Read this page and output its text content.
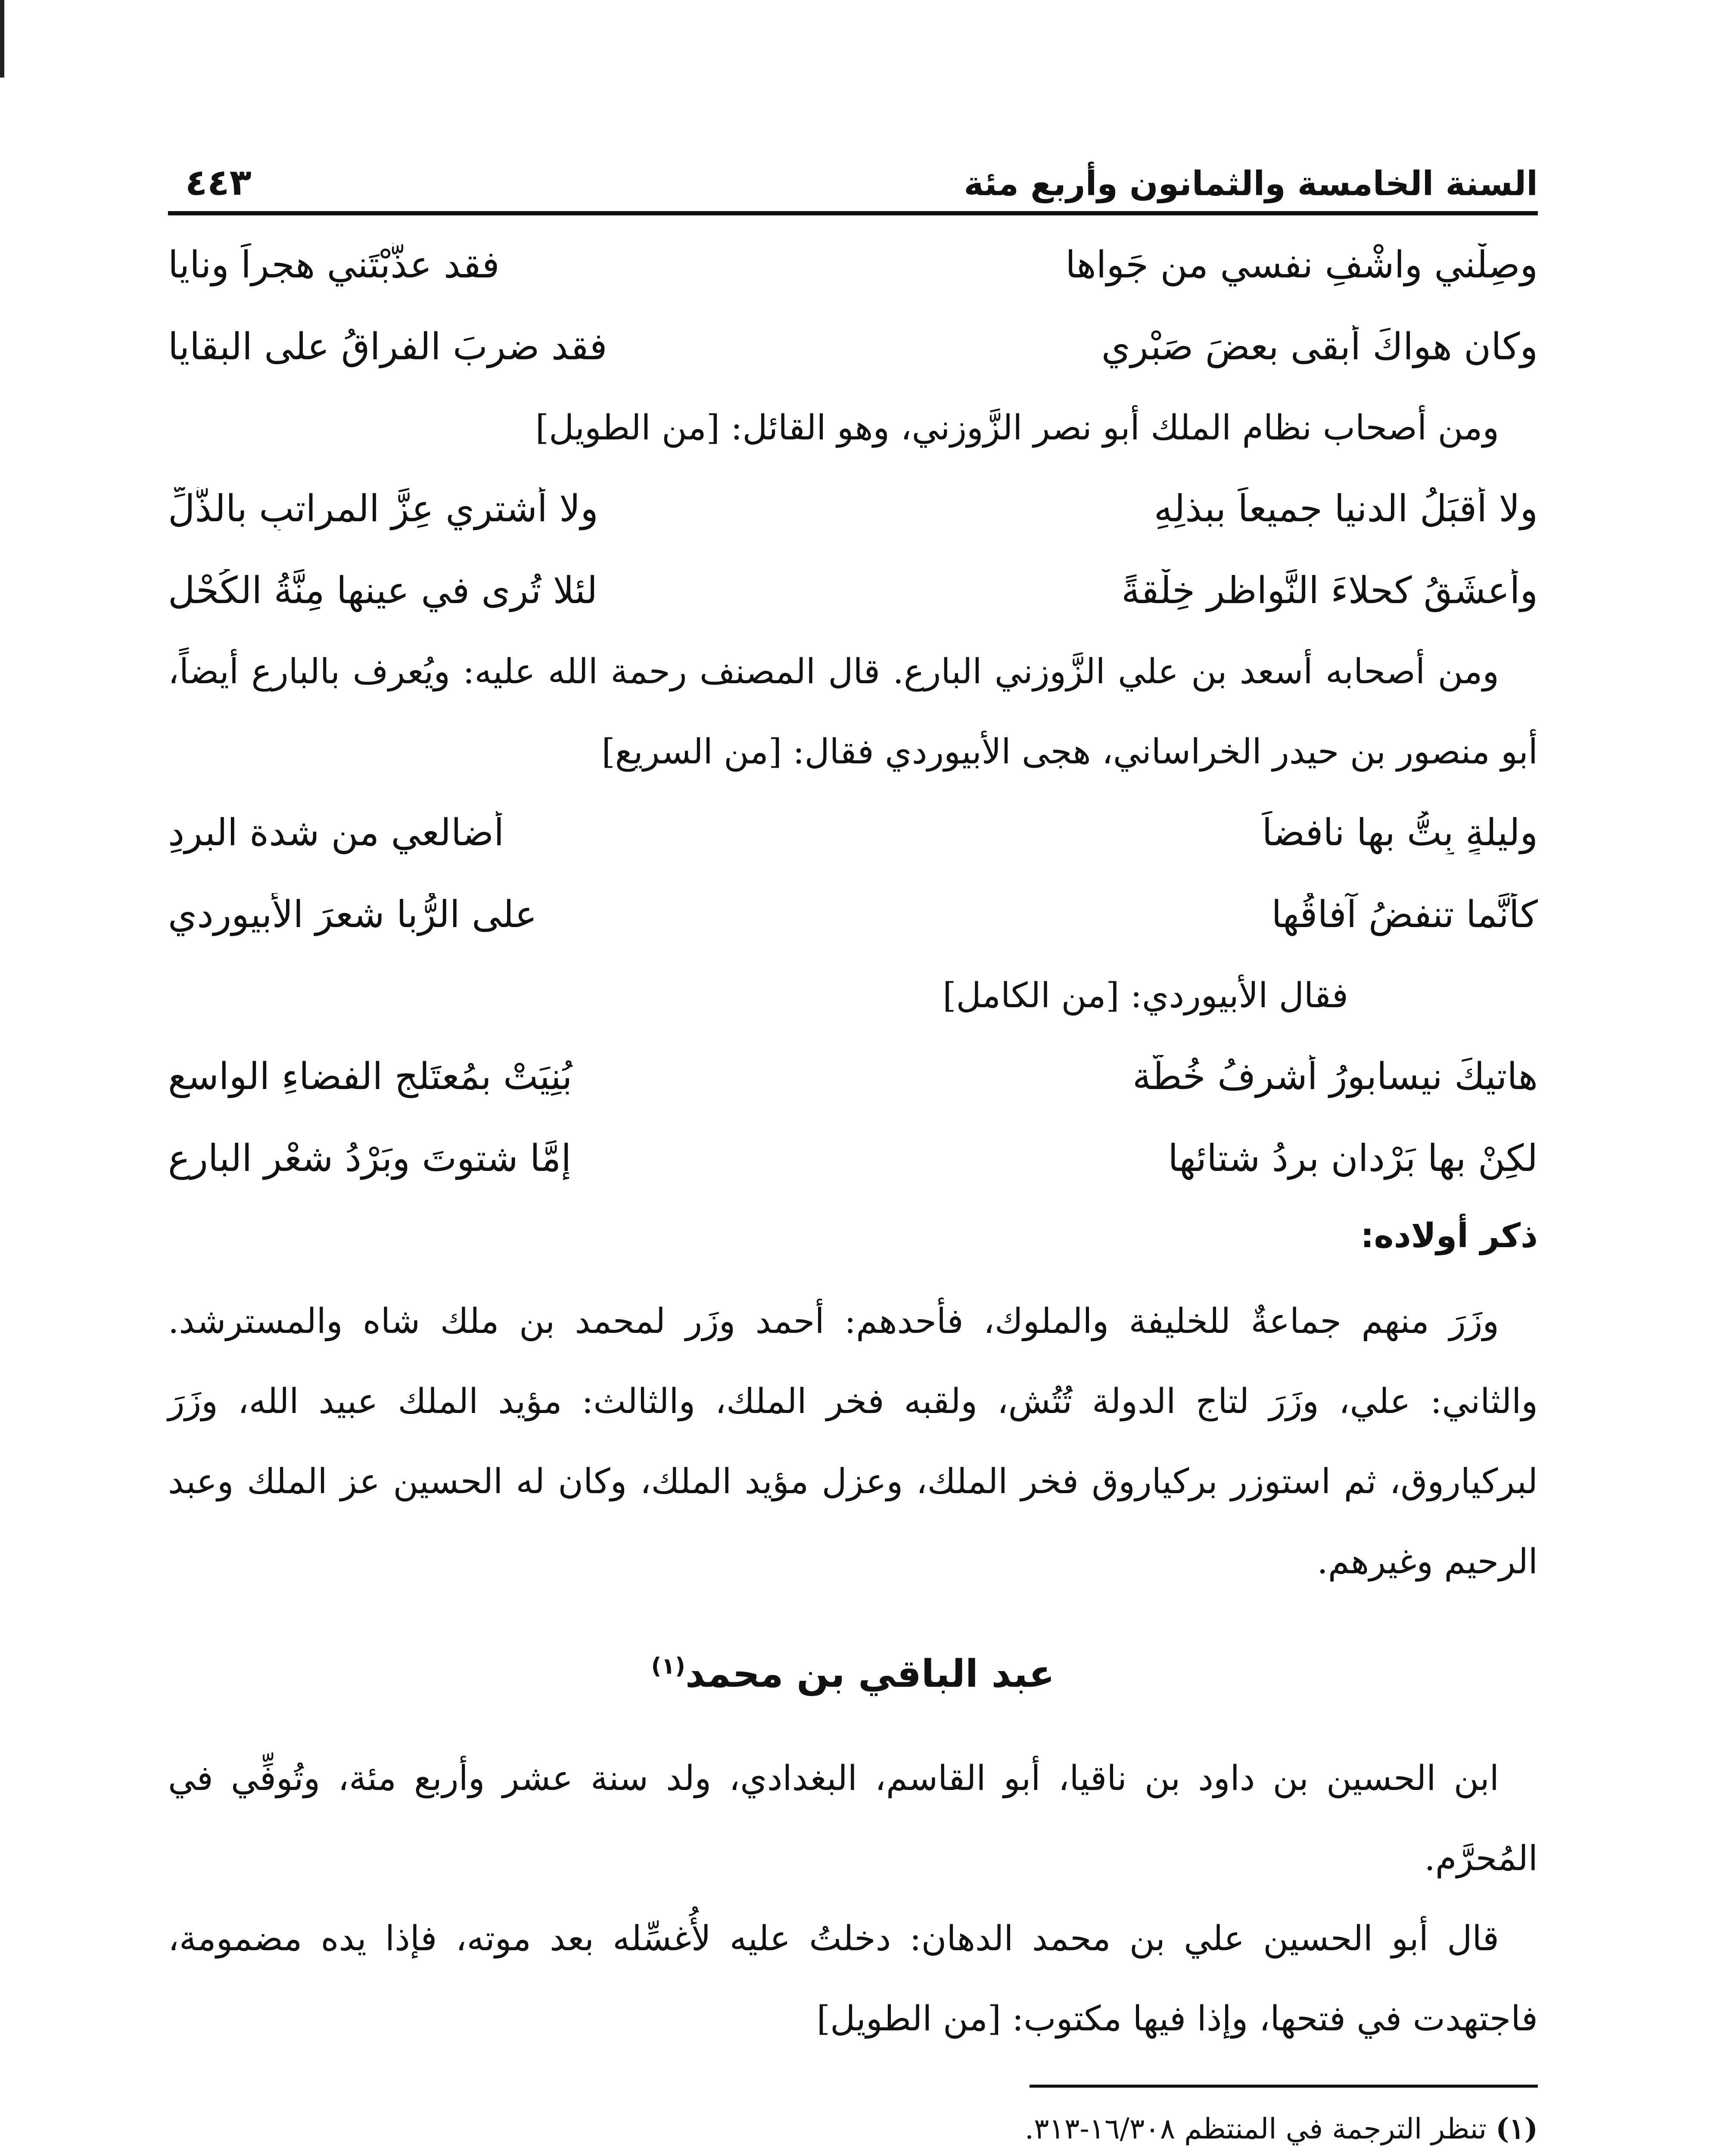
السنة الخامسة والثمانون وأربع مئة
٤٤٣
وصِلْني واشْفِ نفسي من جَواها
فقد عذَّبْتَني هجراً ونايا
وكان هواكَ أبقى بعضَ صَبْري
فقد ضربَ الفراقُ على البقايا

ومن أصحاب نظام الملك أبو نصر الزَّوزني، وهو القائل: [من الطويل]

ولا أقبَلُ الدنيا جميعاً ببذلِهِ
ولا أشتري عِزَّ المراتبِ بالذُّلِّ
وأعشَقُ كحلاءَ النَّواظرِ خِلْقةً
لئلا تُرى في عينها مِنَّةُ الكُحْلِ

ومن أصحابه أسعد بن علي الزَّوزني البارع. قال المصنف رحمة الله عليه: ويُعرف بالبارع أيضاً، أبو منصور بن حيدر الخراساني، هجى الأبيوردي فقال: [من السريع]

وليلةٍ بِتُّ بها نافضاً
أضالعي من شدة البردِ
كأنَّما تنفضُ آفاقُها
على الرُّبا شعرَ الأبيوردي

فقال الأبيوردي: [من الكامل]

هاتيكَ نيسابورُ أشرفُ خُطَّة
بُنِيَتْ بمُعتَلجِ الفضاءِ الواسعِ
لكِنْ بها بَرْدانِ بردُ شتائها
إمَّا شتوتَ وبَرْدُ شعْرِ البارعِ

ذكر أولاده:

وزَرَ منهم جماعةٌ للخليفة والملوك، فأحدهم: أحمد وزَر لمحمد بن ملك شاه والمسترشد. والثاني: علي، وزَرَ لتاج الدولة تُتُش، ولقبه فخر الملك، والثالث: مؤيد الملك عبيد الله، وزَرَ لبركياروق، ثم استوزر بركياروق فخر الملك، وعزل مؤيد الملك، وكان له الحسين عز الملك وعبد الرحيم وغيرهم.

عبد الباقي بن محمد$^{(١)}$

ابن الحسين بن داود بن ناقيا، أبو القاسم، البغدادي، ولد سنة عشر وأربع مئة، وتُوفِّي في المُحرَّم.

قال أبو الحسين علي بن محمد الدهان: دخلتُ عليه لأُغسِّله بعد موته، فإذا يده مضمومة، فاجتهدت في فتحها، وإذا فيها مكتوب: [من الطويل]

(١) تنظر الترجمة في المنتظم ١٦/٣٠٨-٣١٣.
